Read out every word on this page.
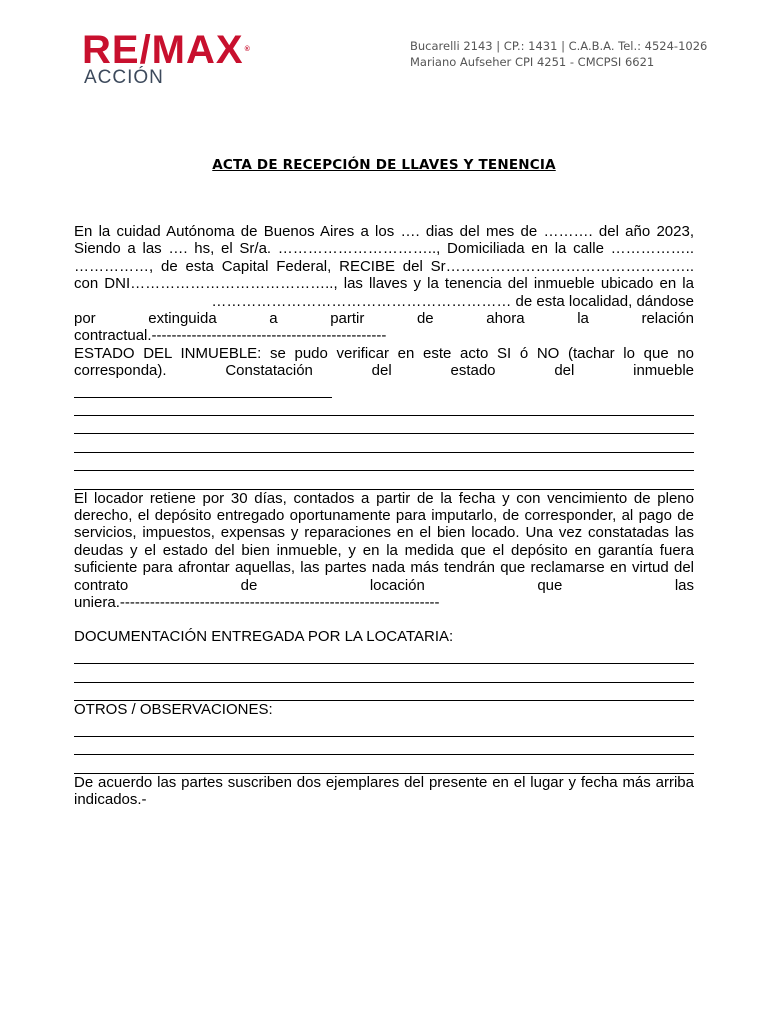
RE/MAX ®
ACCIÓN
Bucarelli 2143 | CP.: 1431 | C.A.B.A. Tel.: 4524-1026
Mariano Aufseher CPI 4251 - CMCPSI 6621
ACTA DE RECEPCIÓN DE LLAVES Y TENENCIA

En la cuidad Autónoma de Buenos Aires a los …. dias del mes de ………. del año 2023,

Siendo a las …. hs, el Sr/a. ………………………….., Domiciliada en la calle ……………..

……………, de esta Capital Federal, RECIBE del Sr…………………………………………..

con DNI………………………………….., las llaves y la tenencia del inmueble ubicado en la

…………………………………………………… de esta localidad, dándose

por extinguida a partir de ahora la relación

contractual.-----------------------------------------------

ESTADO DEL INMUEBLE: se pudo verificar en este acto SI ó NO (tachar lo que no

corresponda). Constatación del estado del inmueble

El locador retiene por 30 días, contados a partir de la fecha y con vencimiento de pleno derecho, el depósito entregado oportunamente para imputarlo, de corresponder, al pago de servicios, impuestos, expensas y reparaciones en el bien locado. Una vez constatadas las deudas y el estado del bien inmueble, y en la medida que el depósito en garantía fuera suficiente para afrontar aquellas, las partes nada más tendrán que reclamarse en virtud del contrato de locación que las

uniera.----------------------------------------------------------------

DOCUMENTACIÓN ENTREGADA POR LA LOCATARIA:

OTROS / OBSERVACIONES:

De acuerdo las partes suscriben dos ejemplares del presente en el lugar y fecha más arriba indicados.-
